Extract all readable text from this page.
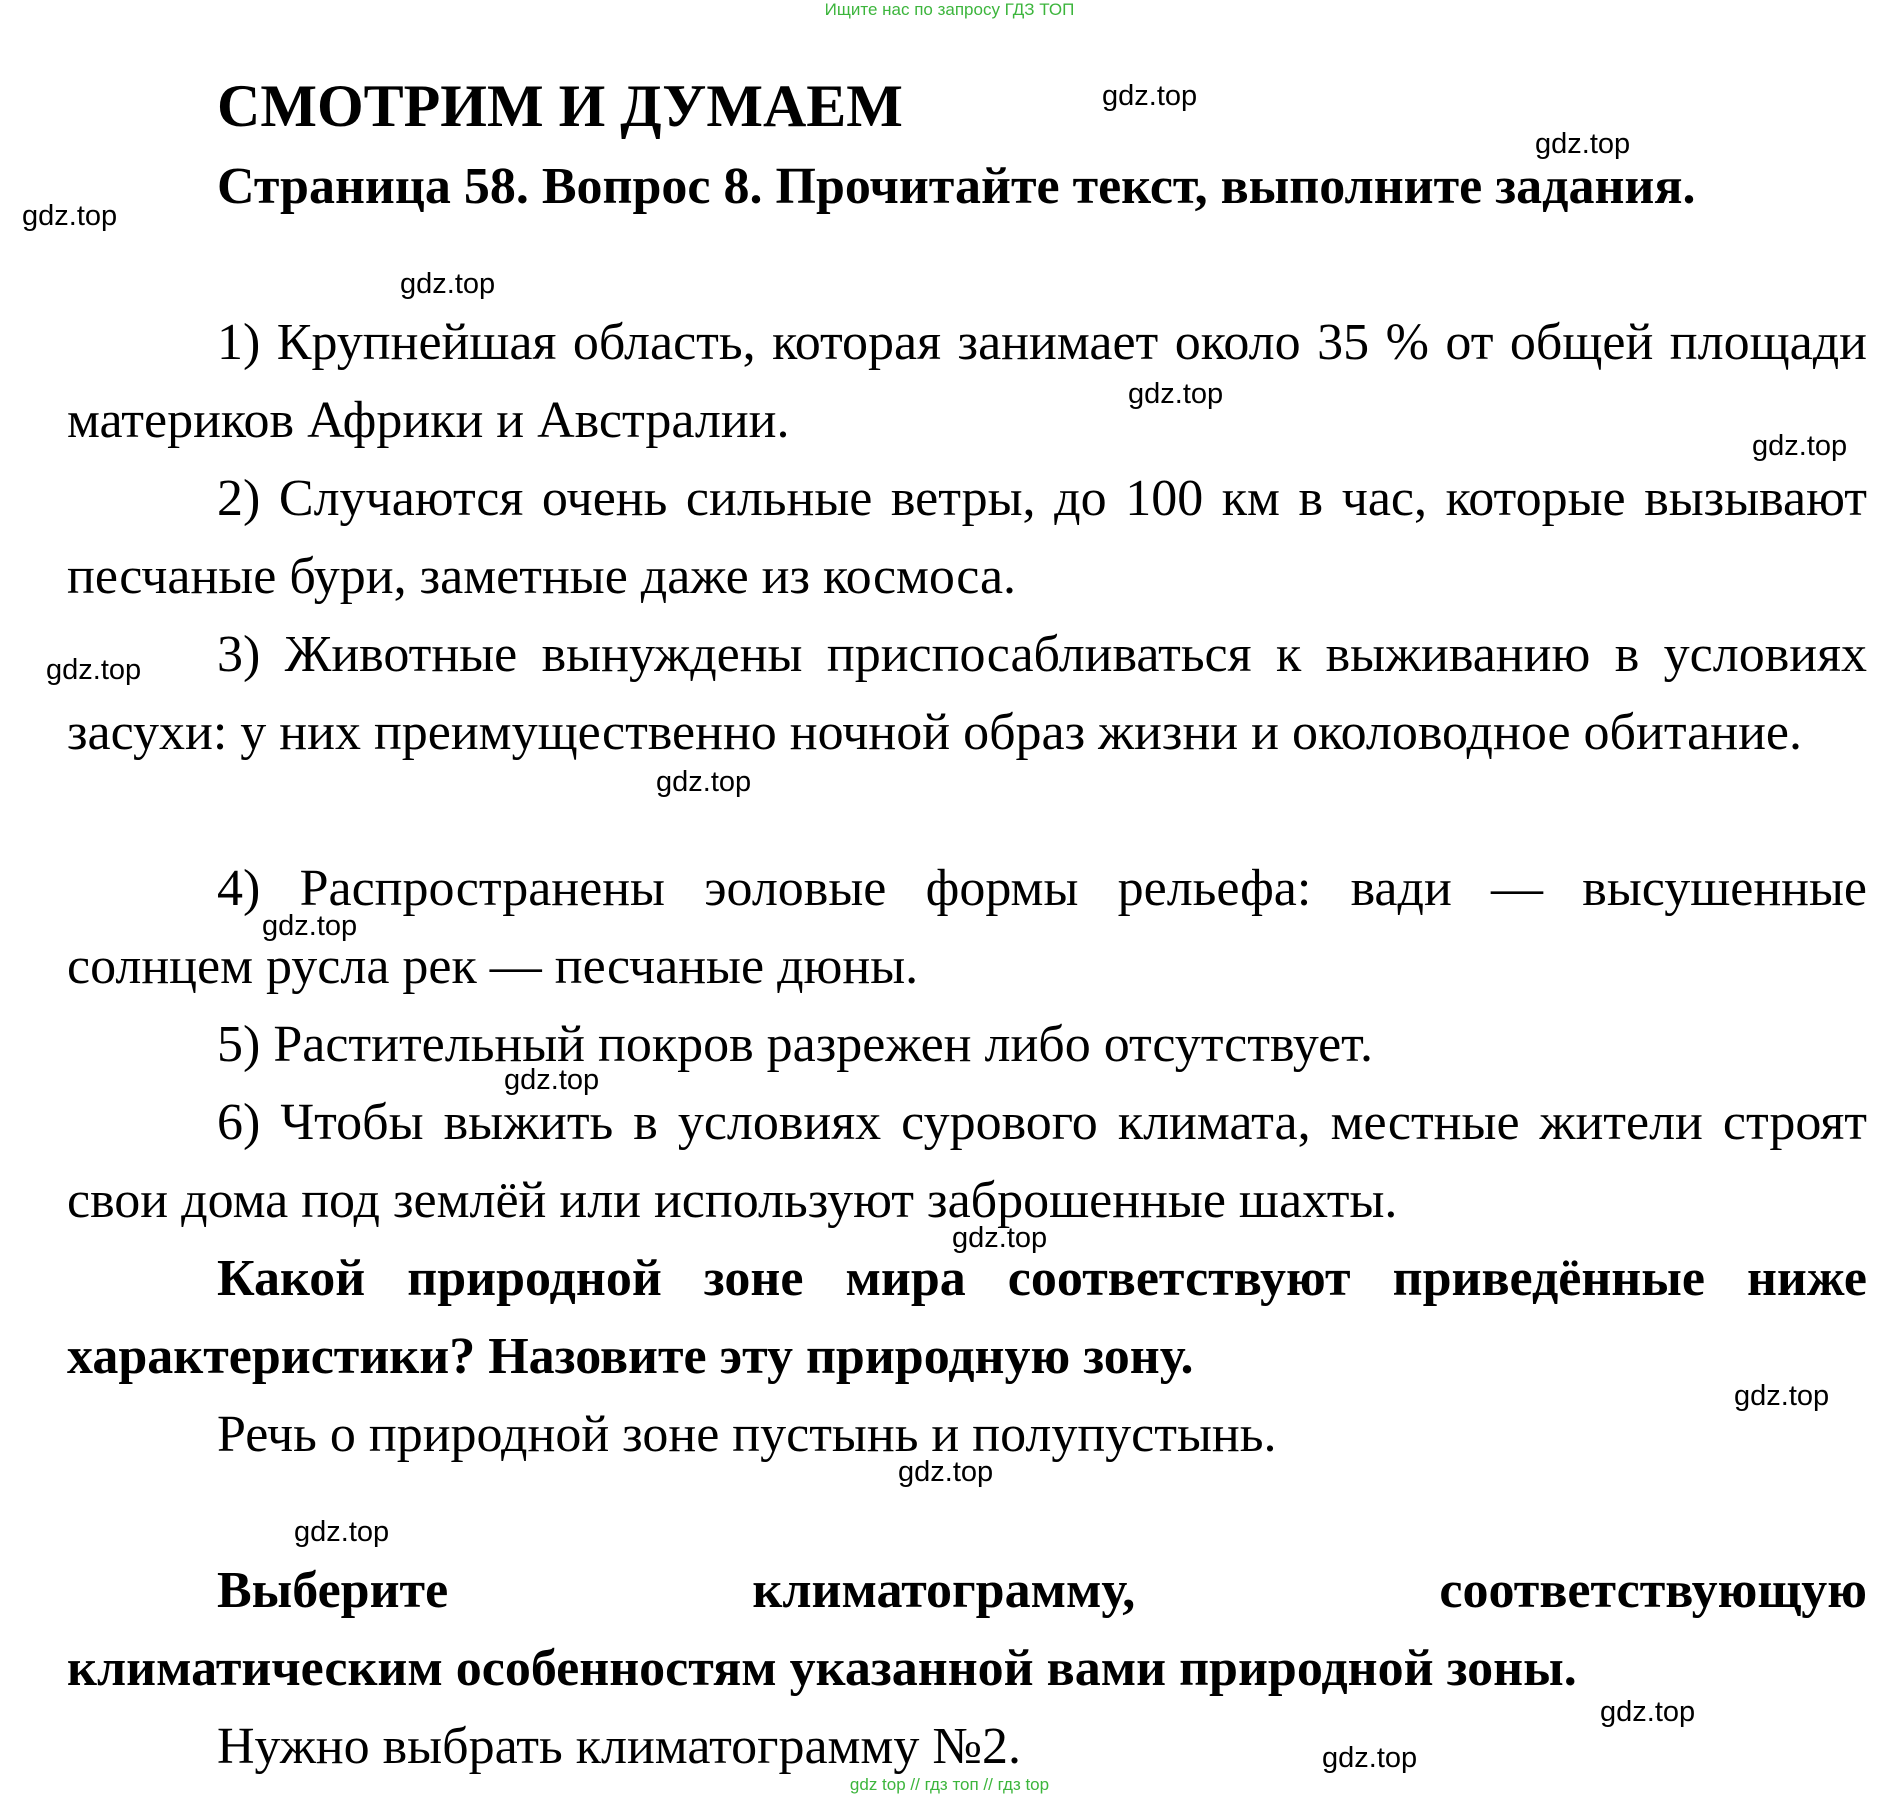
Ищите нас по запросу ГДЗ ТОП
СМОТРИМ И ДУМАЕМ

Страница 58. Вопрос 8. Прочитайте текст, выполните задания.

1) Крупнейшая область, которая занимает около 35 % от общей площади материков Африки и Австралии.

2) Случаются очень сильные ветры, до 100 км в час, которые вызывают песчаные бури, заметные даже из космоса.

3) Животные вынуждены приспосабливаться к выживанию в условиях засухи: у них преимущественно ночной образ жизни и околоводное обитание.

4) Распространены эоловые формы рельефа: вади — высушенные солнцем русла рек — песчаные дюны.

5) Растительный покров разрежен либо отсутствует.

6) Чтобы выжить в условиях сурового климата, местные жители строят свои дома под землёй или используют заброшенные шахты.

Какой природной зоне мира соответствуют приведённые ниже характеристики? Назовите эту природную зону.

Речь о природной зоне пустынь и полупустынь.

Выберите	климатограмму,	соответствующую

климатическим особенностям указанной вами природной зоны.

Нужно выбрать климатограмму №2.

gdz.top
gdz.top
gdz.top
gdz.top
gdz.top
gdz.top
gdz.top
gdz.top
gdz.top
gdz.top
gdz.top
gdz.top
gdz.top
gdz.top
gdz.top
gdz.top
gdz top // гдз топ // гдз top
